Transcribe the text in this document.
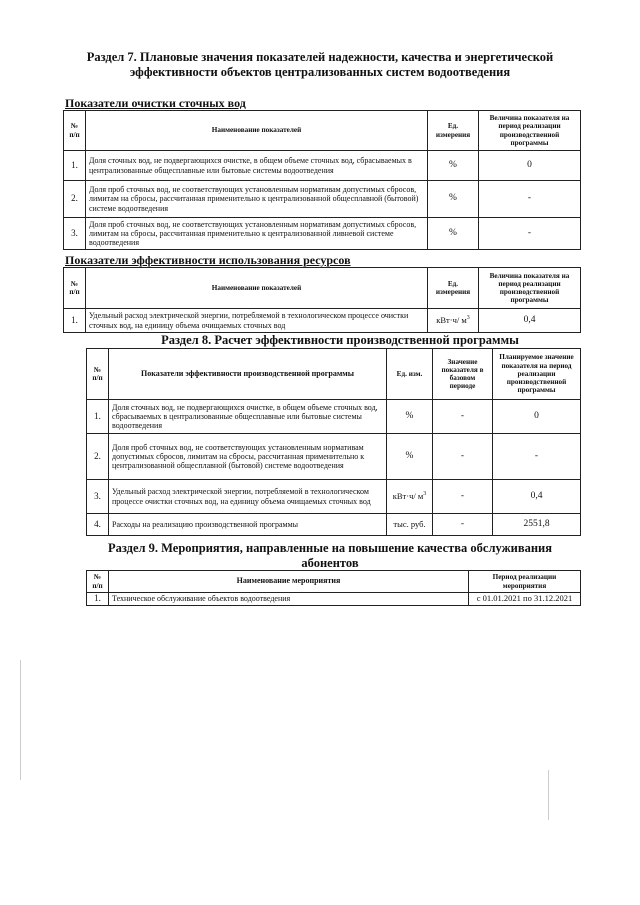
Раздел 7. Плановые значения показателей надежности, качества и энергетической
эффективности объектов централизованных систем водоотведения
Показатели очистки сточных вод
№ п/п	Наименование показателей	Ед. измерения	Величина показателя на период реализации производственной программы
1.	Доля сточных вод, не подвергающихся очистке, в общем объеме сточных вод, сбрасываемых в централизованные общесплавные или бытовые системы водоотведения	%	0
2.	Доля проб сточных вод, не соответствующих установленным нормативам допустимых сбросов, лимитам на сбросы, рассчитанная применительно к централизованной общесплавной (бытовой) системе водоотведения	%	-
3.	Доля проб сточных вод, не соответствующих установленным нормативам допустимых сбросов, лимитам на сбросы, рассчитанная применительно к централизованной ливневой системе водоотведения	%	-
Показатели эффективности использования ресурсов
№ п/п	Наименование показателей	Ед. измерения	Величина показателя на период реализации производственной программы
1.	Удельный расход электрической энергии, потребляемой в технологическом процессе очистки сточных вод, на единицу объема очищаемых сточных вод	кВт·ч/ $м^3$	0,4
Раздел 8. Расчет эффективности производственной программы
№ п/п	Показатели эффективности производственной программы	Ед. изм.	Значение показателя в базовом периоде	Планируемое значение показателя на период реализации производственной программы
1.	Доля сточных вод, не подвергающихся очистке, в общем объеме сточных вод, сбрасываемых в централизованные общесплавные или бытовые системы водоотведения	%	-	0
2.	Доля проб сточных вод, не соответствующих установленным нормативам допустимых сбросов, лимитам на сбросы, рассчитанная применительно к централизованной общесплавной (бытовой) системе водоотведения	%	-	-
3.	Удельный расход электрической энергии, потребляемой в технологическом процессе очистки сточных вод, на единицу объема очищаемых сточных вод	кВт·ч/ $м^3$	-	0,4
4.	Расходы на реализацию производственной программы	тыс. руб.	-	2551,8
Раздел 9. Мероприятия, направленные на повышение качества обслуживания
абонентов
№ п/п	Наименование мероприятия	Период реализации мероприятия
1.	Техническое обслуживание объектов водоотведения	с 01.01.2021 по 31.12.2021
